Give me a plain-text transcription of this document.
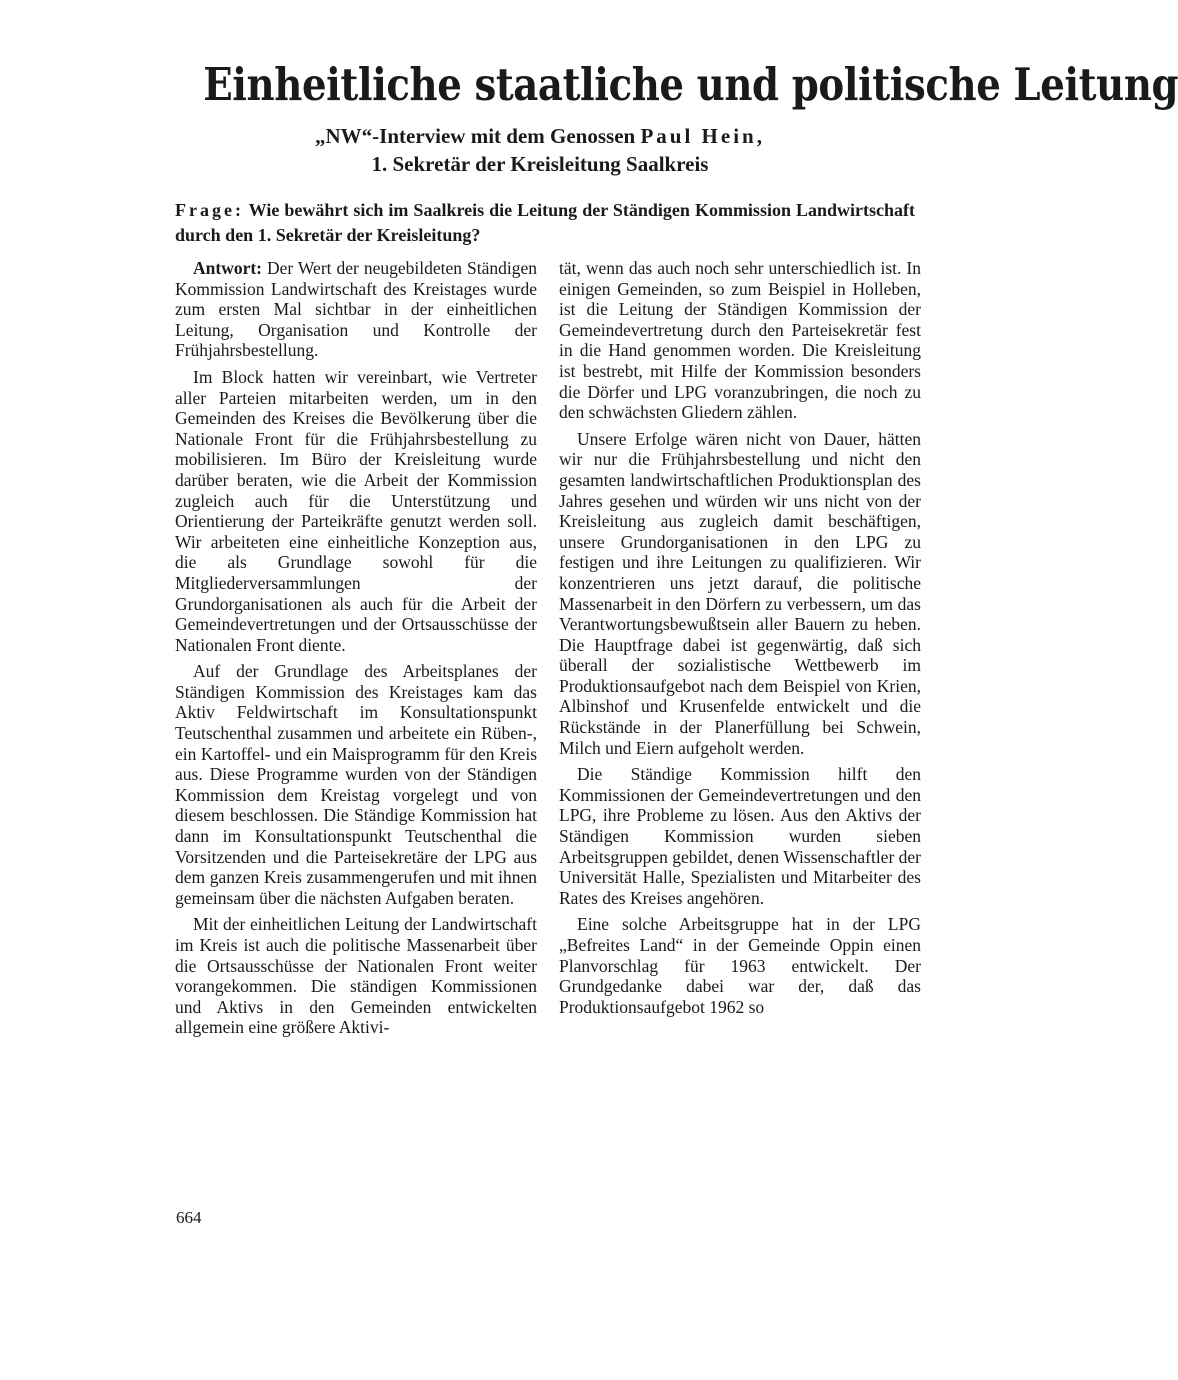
Einheitliche staatliche und politische Leitung
„NW“-Interview mit dem Genossen Paul Hein,
1. Sekretär der Kreisleitung Saalkreis
Frage: Wie bewährt sich im Saalkreis die Leitung der Ständigen Kommission Landwirtschaft durch den 1. Sekretär der Kreisleitung?

Antwort: Der Wert der neugebildeten Ständigen Kommission Landwirtschaft des Kreistages wurde zum ersten Mal sichtbar in der einheitlichen Leitung, Organisation und Kontrolle der Frühjahrsbestellung.

Im Block hatten wir vereinbart, wie Vertreter aller Parteien mitarbeiten werden, um in den Gemeinden des Kreises die Bevölkerung über die Nationale Front für die Frühjahrsbestellung zu mobilisieren. Im Büro der Kreisleitung wurde darüber beraten, wie die Arbeit der Kommission zugleich auch für die Unterstützung und Orientierung der Parteikräfte genutzt werden soll. Wir arbeiteten eine einheitliche Konzeption aus, die als Grundlage sowohl für die Mitgliederversammlungen der Grundorganisationen als auch für die Arbeit der Gemeindevertretungen und der Ortsausschüsse der Nationalen Front diente.

Auf der Grundlage des Arbeitsplanes der Ständigen Kommission des Kreistages kam das Aktiv Feldwirtschaft im Konsultationspunkt Teutschenthal zusammen und arbeitete ein Rüben-, ein Kartoffel- und ein Maisprogramm für den Kreis aus. Diese Programme wurden von der Ständigen Kommission dem Kreistag vorgelegt und von diesem beschlossen. Die Ständige Kommission hat dann im Konsultationspunkt Teutschenthal die Vorsitzenden und die Parteisekretäre der LPG aus dem ganzen Kreis zusammengerufen und mit ihnen gemeinsam über die nächsten Aufgaben beraten.

Mit der einheitlichen Leitung der Landwirtschaft im Kreis ist auch die politische Massenarbeit über die Ortsausschüsse der Nationalen Front weiter vorangekommen. Die ständigen Kommissionen und Aktivs in den Gemeinden entwickelten allgemein eine größere Aktivi-

tät, wenn das auch noch sehr unterschiedlich ist. In einigen Gemeinden, so zum Beispiel in Holleben, ist die Leitung der Ständigen Kommission der Gemeindevertretung durch den Parteisekretär fest in die Hand genommen worden. Die Kreisleitung ist bestrebt, mit Hilfe der Kommission besonders die Dörfer und LPG voranzubringen, die noch zu den schwächsten Gliedern zählen.

Unsere Erfolge wären nicht von Dauer, hätten wir nur die Frühjahrsbestellung und nicht den gesamten landwirtschaftlichen Produktionsplan des Jahres gesehen und würden wir uns nicht von der Kreisleitung aus zugleich damit beschäftigen, unsere Grundorganisationen in den LPG zu festigen und ihre Leitungen zu qualifizieren. Wir konzentrieren uns jetzt darauf, die politische Massenarbeit in den Dörfern zu verbessern, um das Verantwortungsbewußtsein aller Bauern zu heben. Die Hauptfrage dabei ist gegenwärtig, daß sich überall der sozialistische Wettbewerb im Produktionsaufgebot nach dem Beispiel von Krien, Albinshof und Krusenfelde entwickelt und die Rückstände in der Planerfüllung bei Schwein, Milch und Eiern aufgeholt werden.

Die Ständige Kommission hilft den Kommissionen der Gemeindevertretungen und den LPG, ihre Probleme zu lösen. Aus den Aktivs der Ständigen Kommission wurden sieben Arbeitsgruppen gebildet, denen Wissenschaftler der Universität Halle, Spezialisten und Mitarbeiter des Rates des Kreises angehören.

Eine solche Arbeitsgruppe hat in der LPG „Befreites Land“ in der Gemeinde Oppin einen Planvorschlag für 1963 entwickelt. Der Grundgedanke dabei war der, daß das Produktionsaufgebot 1962 so

664
